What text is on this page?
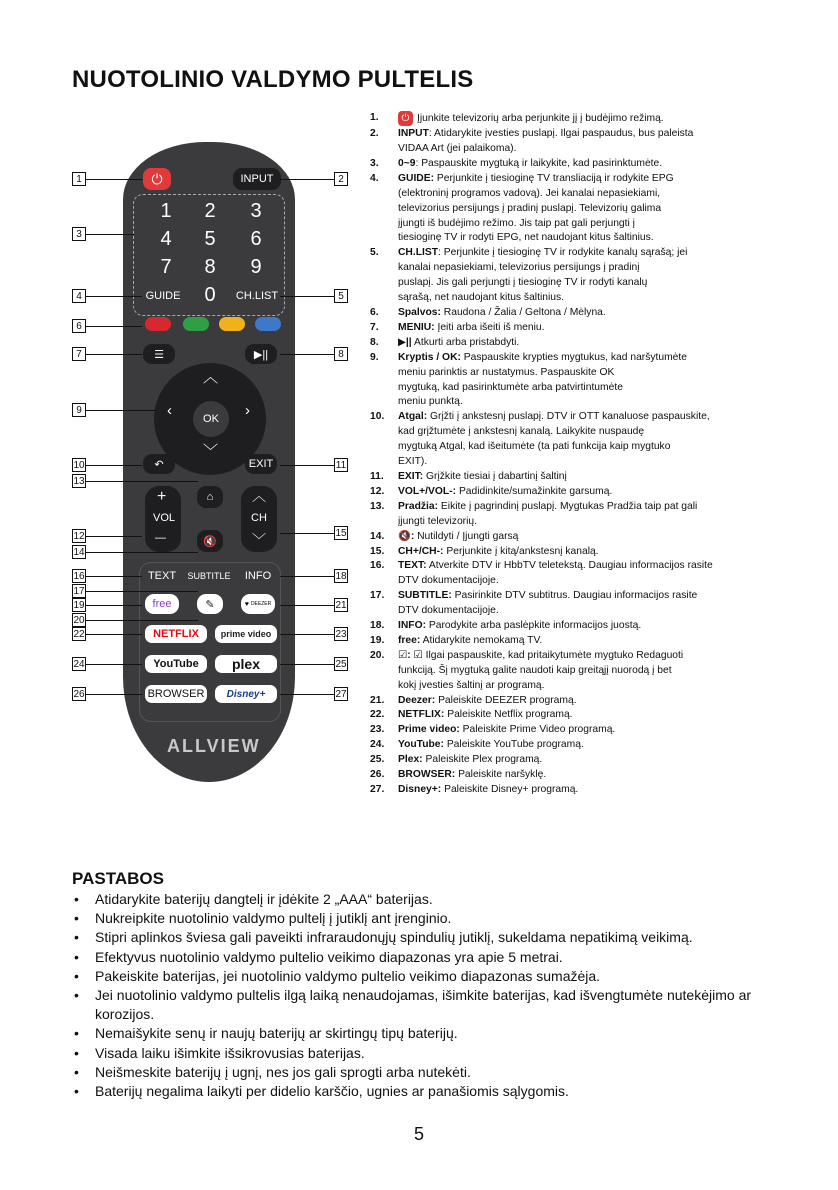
NUOTOLINIO VALDYMO PULTELIS
⏻	INPUT
1	2	3
4	5	6
7	8	9
GUIDE	0	CH.LIST
☰	▶||
︿
﹀
‹	›
OK
↶	EXIT
+
VOL
—
⌂
🔇
︿
CH
﹀
TEXT	SUBTITLE	INFO
free	✎	♥ DEEZER
NETFLIX	prime video
YouTube	plex
BROWSER	Disney+
ALLVIEW
1	2
3
4	5
6
7	8
9
10	11
13
12	15
14
16	18
17
19	21
20
22	23
24	25
26	27
1. ⏻ Įjunkite televizorių arba perjunkite jį į budėjimo režimą.
2. INPUT: Atidarykite įvesties puslapį. Ilgai paspaudus, bus paleista
VIDAA Art (jei palaikoma).
3. 0~9: Paspauskite mygtuką ir laikykite, kad pasirinktumėte.
4. GUIDE: Perjunkite į tiesioginę TV transliaciją ir rodykite EPG
(elektroninį programos vadovą). Jei kanalai nepasiekiami,
televizorius persijungs į pradinį puslapį. Televizorių galima
įjungti iš budėjimo režimo. Jis taip pat gali perjungti į
tiesioginę TV ir rodyti EPG, net naudojant kitus šaltinius.
5. CH.LIST: Perjunkite į tiesioginę TV ir rodykite kanalų sąrašą; jei
kanalai nepasiekiami, televizorius persijungs į pradinį
puslapį. Jis gali perjungti į tiesioginę TV ir rodyti kanalų
sąrašą, net naudojant kitus šaltinius.
6. Spalvos: Raudona / Žalia / Geltona / Mėlyna.
7. MENIU: Įeiti arba išeiti iš meniu.
8. ▶|| Atkurti arba pristabdyti.
9. Kryptis / OK: Paspauskite krypties mygtukus, kad naršytumėte
meniu parinktis ar nustatymus. Paspauskite OK
mygtuką, kad pasirinktumėte arba patvirtintumėte
meniu punktą.
10. Atgal: Grįžti į ankstesnį puslapį. DTV ir OTT kanaluose paspauskite,
kad grįžtumėte į ankstesnį kanalą. Laikykite nuspaudę
mygtuką Atgal, kad išeitumėte (ta pati funkcija kaip mygtuko
EXIT).
11. EXIT: Grįžkite tiesiai į dabartinį šaltinį
12. VOL+/VOL-: Padidinkite/sumažinkite garsumą.
13. Pradžia: Eikite į pagrindinį puslapį. Mygtukas Pradžia taip pat gali
įjungti televizorių.
14. 🔇: Nutildyti / Įjungti garsą
15. CH+/CH-: Perjunkite į kitą/ankstesnį kanalą.
16. TEXT: Atverkite DTV ir HbbTV teletekstą. Daugiau informacijos rasite
DTV dokumentacijoje.
17. SUBTITLE: Pasirinkite DTV subtitrus. Daugiau informacijos rasite
DTV dokumentacijoje.
18. INFO: Parodykite arba paslėpkite informacijos juostą.
19. free: Atidarykite nemokamą TV.
20. ☑: ☑ Ilgai paspauskite, kad pritaikytumėte mygtuko Redaguoti
funkciją. Šį mygtuką galite naudoti kaip greitąjį nuorodą į bet
kokį įvesties šaltinį ar programą.
21. Deezer: Paleiskite DEEZER programą.
22. NETFLIX: Paleiskite Netflix programą.
23. Prime video: Paleiskite Prime Video programą.
24. YouTube: Paleiskite YouTube programą.
25. Plex: Paleiskite Plex programą.
26. BROWSER: Paleiskite naršyklę.
27. Disney+: Paleiskite Disney+ programą.
PASTABOS
• Atidarykite baterijų dangtelį ir įdėkite 2 „AAA“ baterijas.
• Nukreipkite nuotolinio valdymo pultelį į jutiklį ant įrenginio.
• Stipri aplinkos šviesa gali paveikti infraraudonųjų spindulių jutiklį, sukeldama nepatikimą veikimą.
• Efektyvus nuotolinio valdymo pultelio veikimo diapazonas yra apie 5 metrai.
• Pakeiskite baterijas, jei nuotolinio valdymo pultelio veikimo diapazonas sumažėja.
• Jei nuotolinio valdymo pultelis ilgą laiką nenaudojamas, išimkite baterijas, kad išvengtumėte nutekėjimo ar korozijos.
• Nemaišykite senų ir naujų baterijų ar skirtingų tipų baterijų.
• Visada laiku išimkite išsikrovusias baterijas.
• Neišmeskite baterijų į ugnį, nes jos gali sprogti arba nutekėti.
• Baterijų negalima laikyti per dideliо karščio, ugnies ar panašiomis sąlygomis.
5
